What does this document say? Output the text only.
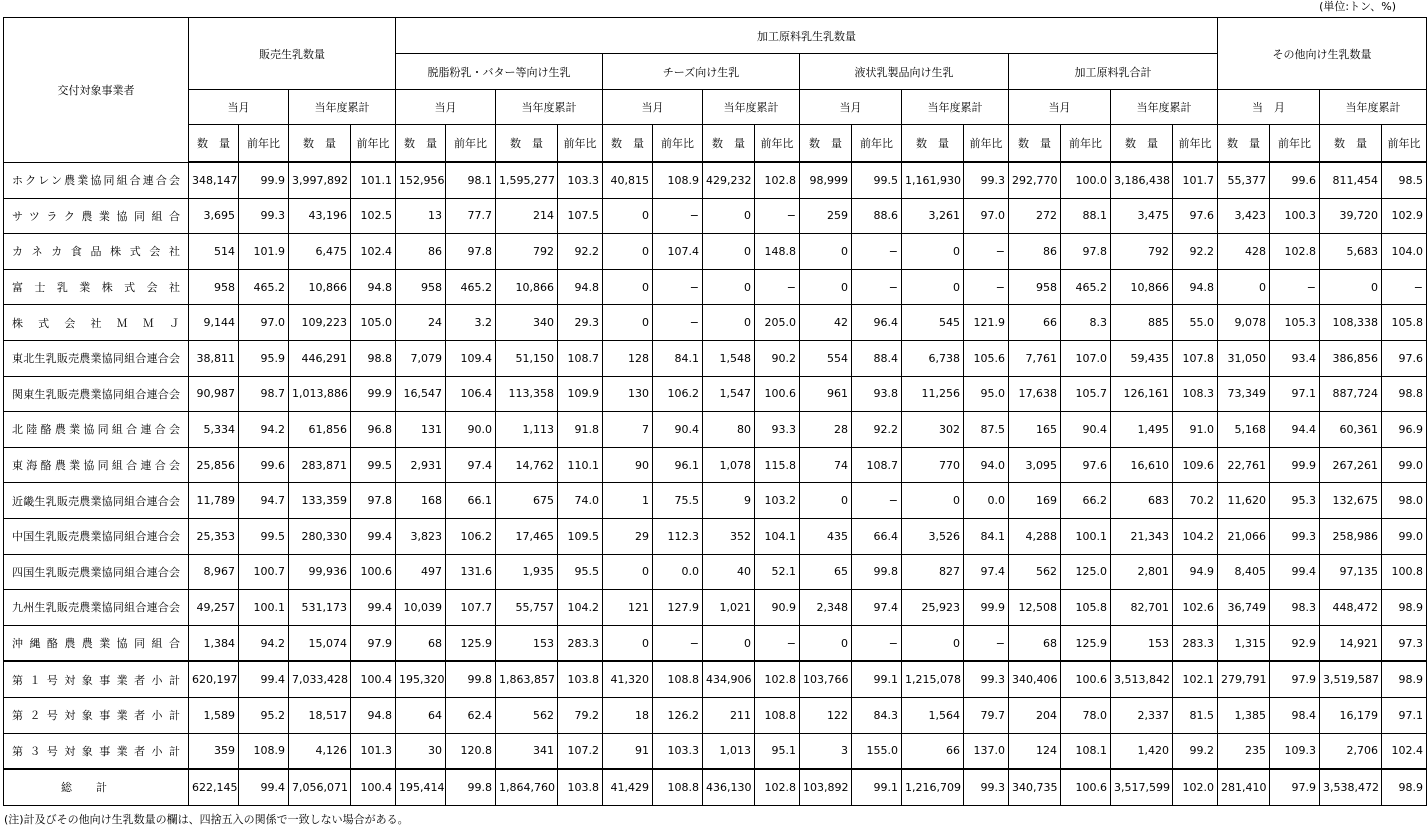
(単位:トン、%)
交付対象事業者	販売生乳数量				加工原料乳生乳数量																その他向け生乳数量			
					脱脂粉乳・バター等向け生乳				チーズ向け生乳				液状乳製品向け生乳				加工原料乳合計							
	当月		当年度累計		当月		当年度累計		当月		当年度累計		当月		当年度累計		当月		当年度累計		当　月		当年度累計	
	数　量	前年比	数　量	前年比	数　量	前年比	数　量	前年比	数　量	前年比	数　量	前年比	数　量	前年比	数　量	前年比	数　量	前年比	数　量	前年比	数　量	前年比	数　量	前年比
ホクレン農業協同組合連合会	348,147	99.9	3,997,892	101.1	152,956	98.1	1,595,277	103.3	40,815	108.9	429,232	102.8	98,999	99.5	1,161,930	99.3	292,770	100.0	3,186,438	101.7	55,377	99.6	811,454	98.5
サツラク農業協同組合	3,695	99.3	43,196	102.5	13	77.7	214	107.5	0	−	0	−	259	88.6	3,261	97.0	272	88.1	3,475	97.6	3,423	100.3	39,720	102.9
カネカ食品株式会社	514	101.9	6,475	102.4	86	97.8	792	92.2	0	107.4	0	148.8	0	−	0	−	86	97.8	792	92.2	428	102.8	5,683	104.0
富士乳業株式会社	958	465.2	10,866	94.8	958	465.2	10,866	94.8	0	−	0	−	0	−	0	−	958	465.2	10,866	94.8	0	−	0	−
株式会社ＭＭＪ	9,144	97.0	109,223	105.0	24	3.2	340	29.3	0	−	0	205.0	42	96.4	545	121.9	66	8.3	885	55.0	9,078	105.3	108,338	105.8
東北生乳販売農業協同組合連合会	38,811	95.9	446,291	98.8	7,079	109.4	51,150	108.7	128	84.1	1,548	90.2	554	88.4	6,738	105.6	7,761	107.0	59,435	107.8	31,050	93.4	386,856	97.6
関東生乳販売農業協同組合連合会	90,987	98.7	1,013,886	99.9	16,547	106.4	113,358	109.9	130	106.2	1,547	100.6	961	93.8	11,256	95.0	17,638	105.7	126,161	108.3	73,349	97.1	887,724	98.8
北陸酪農業協同組合連合会	5,334	94.2	61,856	96.8	131	90.0	1,113	91.8	7	90.4	80	93.3	28	92.2	302	87.5	165	90.4	1,495	91.0	5,168	94.4	60,361	96.9
東海酪農業協同組合連合会	25,856	99.6	283,871	99.5	2,931	97.4	14,762	110.1	90	96.1	1,078	115.8	74	108.7	770	94.0	3,095	97.6	16,610	109.6	22,761	99.9	267,261	99.0
近畿生乳販売農業協同組合連合会	11,789	94.7	133,359	97.8	168	66.1	675	74.0	1	75.5	9	103.2	0	−	0	0.0	169	66.2	683	70.2	11,620	95.3	132,675	98.0
中国生乳販売農業協同組合連合会	25,353	99.5	280,330	99.4	3,823	106.2	17,465	109.5	29	112.3	352	104.1	435	66.4	3,526	84.1	4,288	100.1	21,343	104.2	21,066	99.3	258,986	99.0
四国生乳販売農業協同組合連合会	8,967	100.7	99,936	100.6	497	131.6	1,935	95.5	0	0.0	40	52.1	65	99.8	827	97.4	562	125.0	2,801	94.9	8,405	99.4	97,135	100.8
九州生乳販売農業協同組合連合会	49,257	100.1	531,173	99.4	10,039	107.7	55,757	104.2	121	127.9	1,021	90.9	2,348	97.4	25,923	99.9	12,508	105.8	82,701	102.6	36,749	98.3	448,472	98.9
沖縄酪農農業協同組合	1,384	94.2	15,074	97.9	68	125.9	153	283.3	0	−	0	−	0	−	0	−	68	125.9	153	283.3	1,315	92.9	14,921	97.3
第１号対象事業者小計	620,197	99.4	7,033,428	100.4	195,320	99.8	1,863,857	103.8	41,320	108.8	434,906	102.8	103,766	99.1	1,215,078	99.3	340,406	100.6	3,513,842	102.1	279,791	97.9	3,519,587	98.9
第２号対象事業者小計	1,589	95.2	18,517	94.8	64	62.4	562	79.2	18	126.2	211	108.8	122	84.3	1,564	79.7	204	78.0	2,337	81.5	1,385	98.4	16,179	97.1
第３号対象事業者小計	359	108.9	4,126	101.3	30	120.8	341	107.2	91	103.3	1,013	95.1	3	155.0	66	137.0	124	108.1	1,420	99.2	235	109.3	2,706	102.4
総計	622,145	99.4	7,056,071	100.4	195,414	99.8	1,864,760	103.8	41,429	108.8	436,130	102.8	103,892	99.1	1,216,709	99.3	340,735	100.6	3,517,599	102.0	281,410	97.9	3,538,472	98.9
(注)計及びその他向け生乳数量の欄は、四捨五入の関係で一致しない場合がある。
